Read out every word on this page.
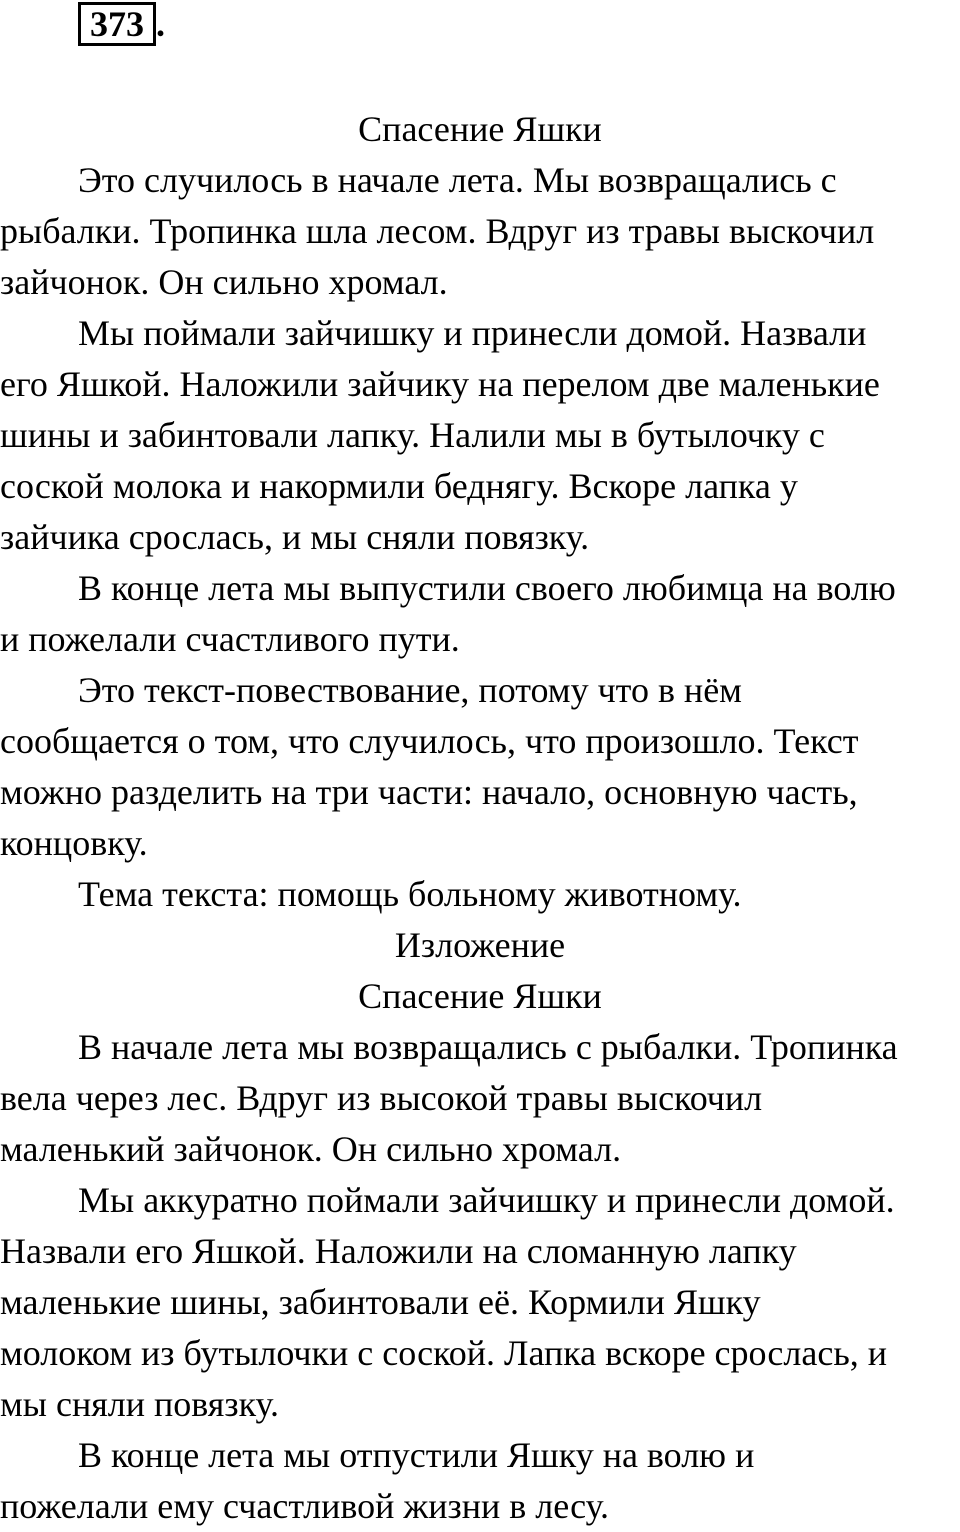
373 .

Спасение Яшки

Это случилось в начале лета. Мы возвращались с

рыбалки. Тропинка шла лесом. Вдруг из травы выскочил

зайчонок. Он сильно хромал.

Мы поймали зайчишку и принесли домой. Назвали

его Яшкой. Наложили зайчику на перелом две маленькие

шины и забинтовали лапку. Налили мы в бутылочку с

соской молока и накормили беднягу. Вскоре лапка у

зайчика срослась, и мы сняли повязку.

В конце лета мы выпустили своего любимца на волю

и пожелали счастливого пути.

Это текст-повествование, потому что в нём

сообщается о том, что случилось, что произошло. Текст

можно разделить на три части: начало, основную часть,

концовку.

Тема текста: помощь больному животному.

Изложение

Спасение Яшки

В начале лета мы возвращались с рыбалки. Тропинка

вела через лес. Вдруг из высокой травы выскочил

маленький зайчонок. Он сильно хромал.

Мы аккуратно поймали зайчишку и принесли домой.

Назвали его Яшкой. Наложили на сломанную лапку

маленькие шины, забинтовали её. Кормили Яшку

молоком из бутылочки с соской. Лапка вскоре срослась, и

мы сняли повязку.

В конце лета мы отпустили Яшку на волю и

пожелали ему счастливой жизни в лесу.
